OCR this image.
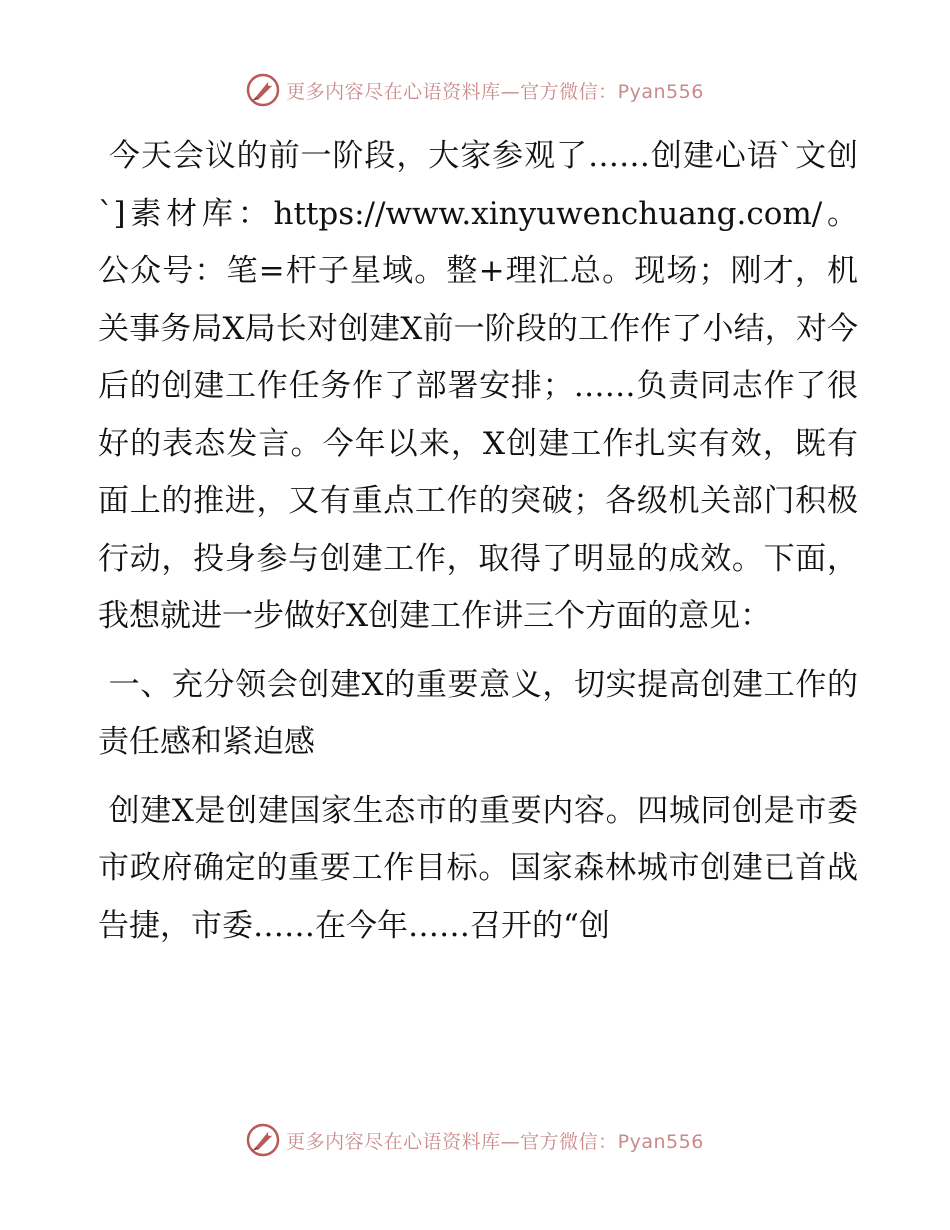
更多内容尽在心语资料库—官方微信：Pyan556

今天会议的前一阶段，大家参观了……创建心语`文创`]素材库：https://www.xinyuwenchuang.com/。公众号：笔=杆子星域。整+理汇总。现场；刚才，机关事务局X局长对创建X前一阶段的工作作了小结，对今后的创建工作任务作了部署安排；……负责同志作了很好的表态发言。今年以来，X创建工作扎实有效，既有面上的推进，又有重点工作的突破；各级机关部门积极行动，投身参与创建工作，取得了明显的成效。下面，我想就进一步做好X创建工作讲三个方面的意见：

一、充分领会创建X的重要意义，切实提高创建工作的责任感和紧迫感

创建X是创建国家生态市的重要内容。四城同创是市委市政府确定的重要工作目标。国家森林城市创建已首战告捷，市委……在今年……召开的“创

更多内容尽在心语资料库—官方微信：Pyan556
